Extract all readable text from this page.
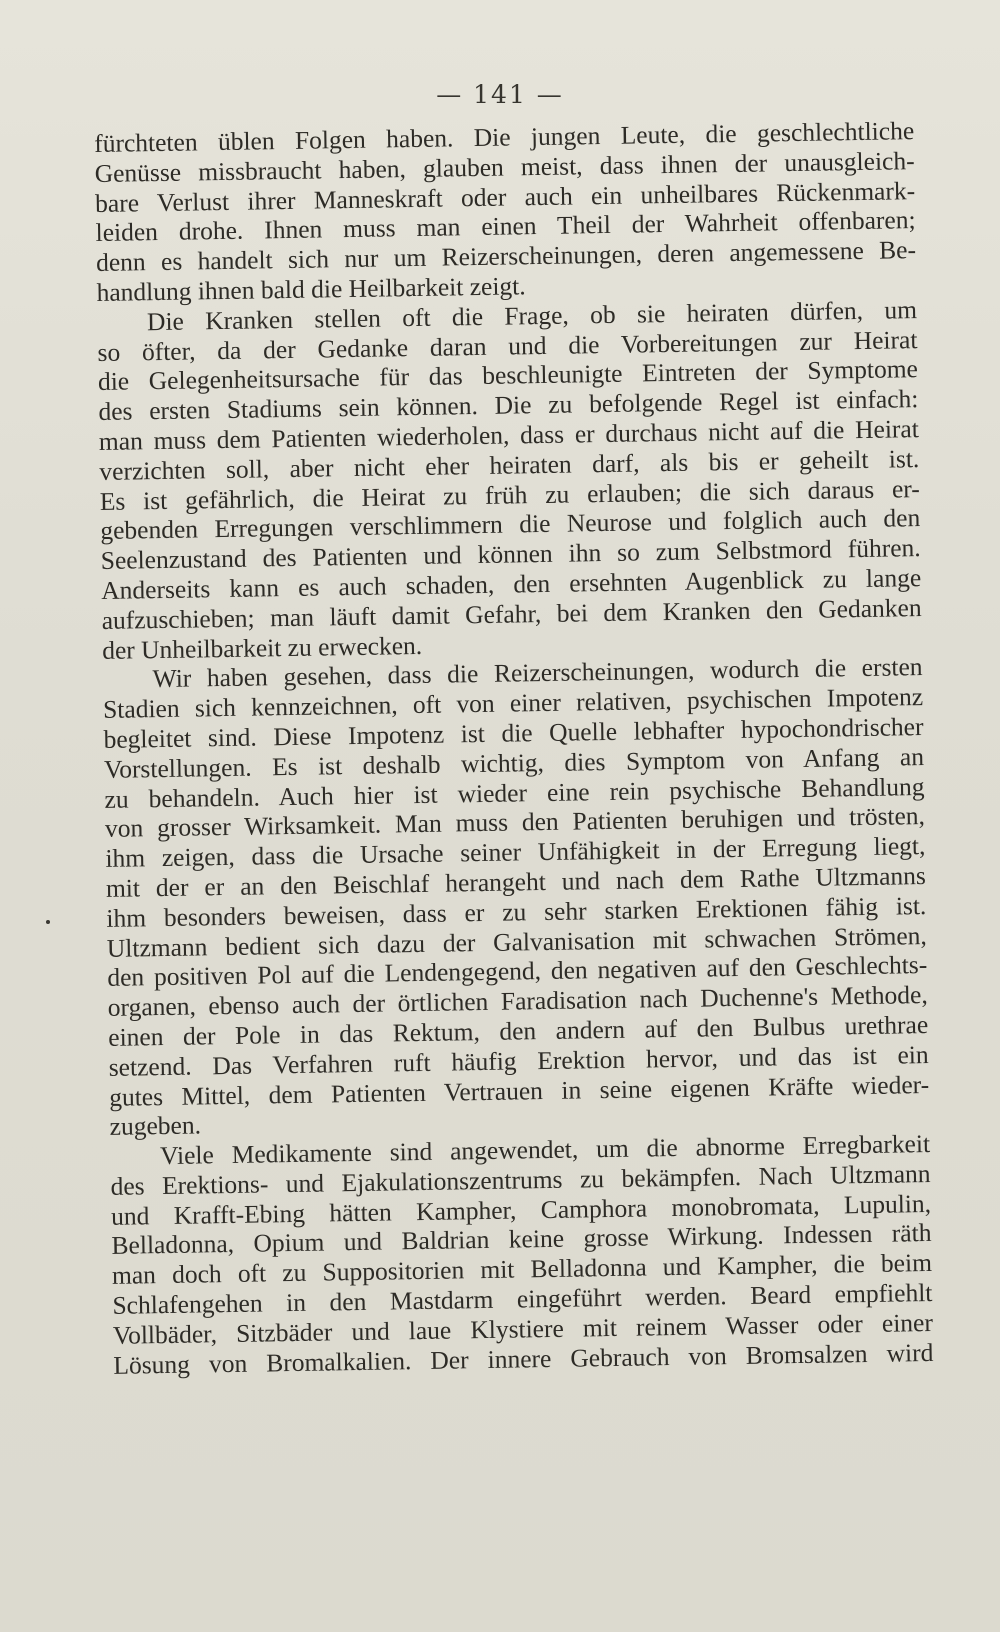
— 141 —
fürchteten üblen Folgen haben. Die jungen Leute, die geschlechtliche
Genüsse missbraucht haben, glauben meist, dass ihnen der unausgleich-
bare Verlust ihrer Manneskraft oder auch ein unheilbares Rückenmark-
leiden drohe. Ihnen muss man einen Theil der Wahrheit offenbaren;
denn es handelt sich nur um Reizerscheinungen, deren angemessene Be-
handlung ihnen bald die Heilbarkeit zeigt.
Die Kranken stellen oft die Frage, ob sie heiraten dürfen, um
so öfter, da der Gedanke daran und die Vorbereitungen zur Heirat
die Gelegenheitsursache für das beschleunigte Eintreten der Symptome
des ersten Stadiums sein können. Die zu befolgende Regel ist einfach:
man muss dem Patienten wiederholen, dass er durchaus nicht auf die Heirat
verzichten soll, aber nicht eher heiraten darf, als bis er geheilt ist.
Es ist gefährlich, die Heirat zu früh zu erlauben; die sich daraus er-
gebenden Erregungen verschlimmern die Neurose und folglich auch den
Seelenzustand des Patienten und können ihn so zum Selbstmord führen.
Anderseits kann es auch schaden, den ersehnten Augenblick zu lange
aufzuschieben; man läuft damit Gefahr, bei dem Kranken den Gedanken
der Unheilbarkeit zu erwecken.
Wir haben gesehen, dass die Reizerscheinungen, wodurch die ersten
Stadien sich kennzeichnen, oft von einer relativen, psychischen Impotenz
begleitet sind. Diese Impotenz ist die Quelle lebhafter hypochondrischer
Vorstellungen. Es ist deshalb wichtig, dies Symptom von Anfang an
zu behandeln. Auch hier ist wieder eine rein psychische Behandlung
von grosser Wirksamkeit. Man muss den Patienten beruhigen und trösten,
ihm zeigen, dass die Ursache seiner Unfähigkeit in der Erregung liegt,
mit der er an den Beischlaf herangeht und nach dem Rathe Ultzmanns
ihm besonders beweisen, dass er zu sehr starken Erektionen fähig ist.
Ultzmann bedient sich dazu der Galvanisation mit schwachen Strömen,
den positiven Pol auf die Lendengegend, den negativen auf den Geschlechts-
organen, ebenso auch der örtlichen Faradisation nach Duchenne's Methode,
einen der Pole in das Rektum, den andern auf den Bulbus urethrae
setzend. Das Verfahren ruft häufig Erektion hervor, und das ist ein
gutes Mittel, dem Patienten Vertrauen in seine eigenen Kräfte wieder-
zugeben.
Viele Medikamente sind angewendet, um die abnorme Erregbarkeit
des Erektions- und Ejakulationszentrums zu bekämpfen. Nach Ultzmann
und Krafft-Ebing hätten Kampher, Camphora monobromata, Lupulin,
Belladonna, Opium und Baldrian keine grosse Wirkung. Indessen räth
man doch oft zu Suppositorien mit Belladonna und Kampher, die beim
Schlafengehen in den Mastdarm eingeführt werden. Beard empfiehlt
Vollbäder, Sitzbäder und laue Klystiere mit reinem Wasser oder einer
Lösung von Bromalkalien. Der innere Gebrauch von Bromsalzen wird
